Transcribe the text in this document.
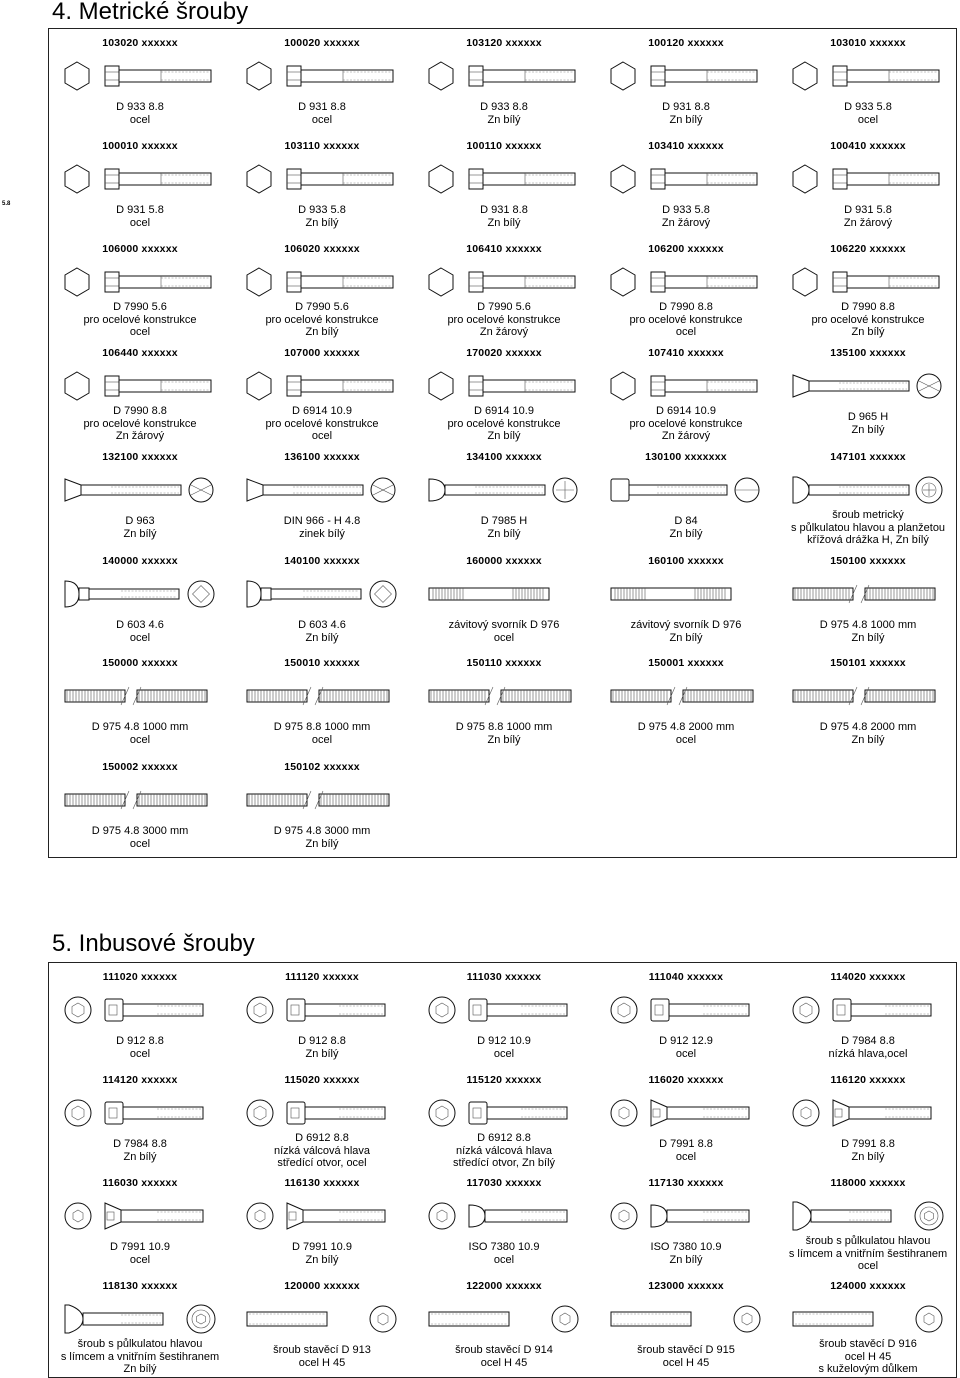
4. Metrické šrouby
5.8
103020 xxxxxx
D 933 8.8
ocel
100020 xxxxxx
D 931 8.8
ocel
103120 xxxxxx
D 933 8.8
Zn bílý
100120 xxxxxx
D 931 8.8
Zn bílý
103010 xxxxxx
D 933 5.8
ocel
100010 xxxxxx
D 931 5.8
ocel
103110 xxxxxx
D 933 5.8
Zn bílý
100110 xxxxxx
D 931 8.8
Zn bílý
103410 xxxxxx
D 933 5.8
Zn žárový
100410 xxxxxx
D 931 5.8
Zn žárový
106000 xxxxxx
D 7990 5.6
pro ocelové konstrukce
ocel
106020 xxxxxx
D 7990 5.6
pro ocelové konstrukce
Zn bílý
106410 xxxxxx
D 7990 5.6
pro ocelové konstrukce
Zn žárový
106200 xxxxxx
D 7990 8.8
pro ocelové konstrukce
ocel
106220 xxxxxx
D 7990 8.8
pro ocelové konstrukce
Zn bílý
106440 xxxxxx
D 7990 8.8
pro ocelové konstrukce
Zn žárový
107000 xxxxxx
D 6914 10.9
pro ocelové konstrukce
ocel
170020 xxxxxx
D 6914 10.9
pro ocelové konstrukce
Zn bílý
107410 xxxxxx
D 6914 10.9
pro ocelové konstrukce
Zn žárový
135100 xxxxxx
D 965 H
Zn bílý
132100 xxxxxx
D 963
Zn bílý
136100 xxxxxx
DIN 966 - H 4.8
zinek bílý
134100 xxxxxx
D 7985 H
Zn bílý
130100 xxxxxxx
D 84
Zn bílý
147101 xxxxxx
šroub metrický
s půlkulatou hlavou a planžetou
křížová drážka H, Zn bílý
140000 xxxxxx
D 603 4.6
ocel
140100 xxxxxx
D 603 4.6
Zn bílý
160000 xxxxxx
závitový svorník D 976
ocel
160100 xxxxxx
závitový svorník D 976
Zn bílý
150100 xxxxxx
D 975 4.8 1000 mm
Zn bílý
150000 xxxxxx
D 975 4.8 1000 mm
ocel
150010 xxxxxx
D 975 8.8 1000 mm
ocel
150110 xxxxxx
D 975 8.8 1000 mm
Zn bílý
150001 xxxxxx
D 975 4.8 2000 mm
ocel
150101 xxxxxx
D 975 4.8 2000 mm
Zn bílý
150002 xxxxxx
D 975 4.8 3000 mm
ocel
150102 xxxxxx
D 975 4.8 3000 mm
Zn bílý
5. Inbusové šrouby
111020 xxxxxx
D 912 8.8
ocel
111120 xxxxxx
D 912 8.8
Zn bílý
111030 xxxxxx
D 912 10.9
ocel
111040 xxxxxx
D 912 12.9
ocel
114020 xxxxxx
D 7984 8.8
nízká hlava,ocel
114120 xxxxxx
D 7984 8.8
Zn bílý
115020 xxxxxx
D 6912 8.8
nízká válcová hlava
středící otvor, ocel
115120 xxxxxx
D 6912 8.8
nízká válcová hlava
středící otvor, Zn bílý
116020 xxxxxx
D 7991 8.8
ocel
116120 xxxxxx
D 7991 8.8
Zn bílý
116030 xxxxxx
D 7991 10.9
ocel
116130 xxxxxx
D 7991 10.9
Zn bílý
117030 xxxxxx
ISO 7380 10.9
ocel
117130 xxxxxx
ISO 7380 10.9
Zn bílý
118000 xxxxxx
šroub s půlkulatou hlavou
s límcem a vnitřním šestihranem
ocel
118130 xxxxxx
šroub s půlkulatou hlavou
s límcem a vnitřním šestihranem
Zn bílý
120000 xxxxxx
šroub stavěcí D 913
ocel H 45
122000 xxxxxx
šroub stavěcí D 914
ocel H 45
123000 xxxxxx
šroub stavěcí D 915
ocel H 45
124000 xxxxxx
šroub stavěcí D 916
ocel H 45
s kuželovým důlkem
